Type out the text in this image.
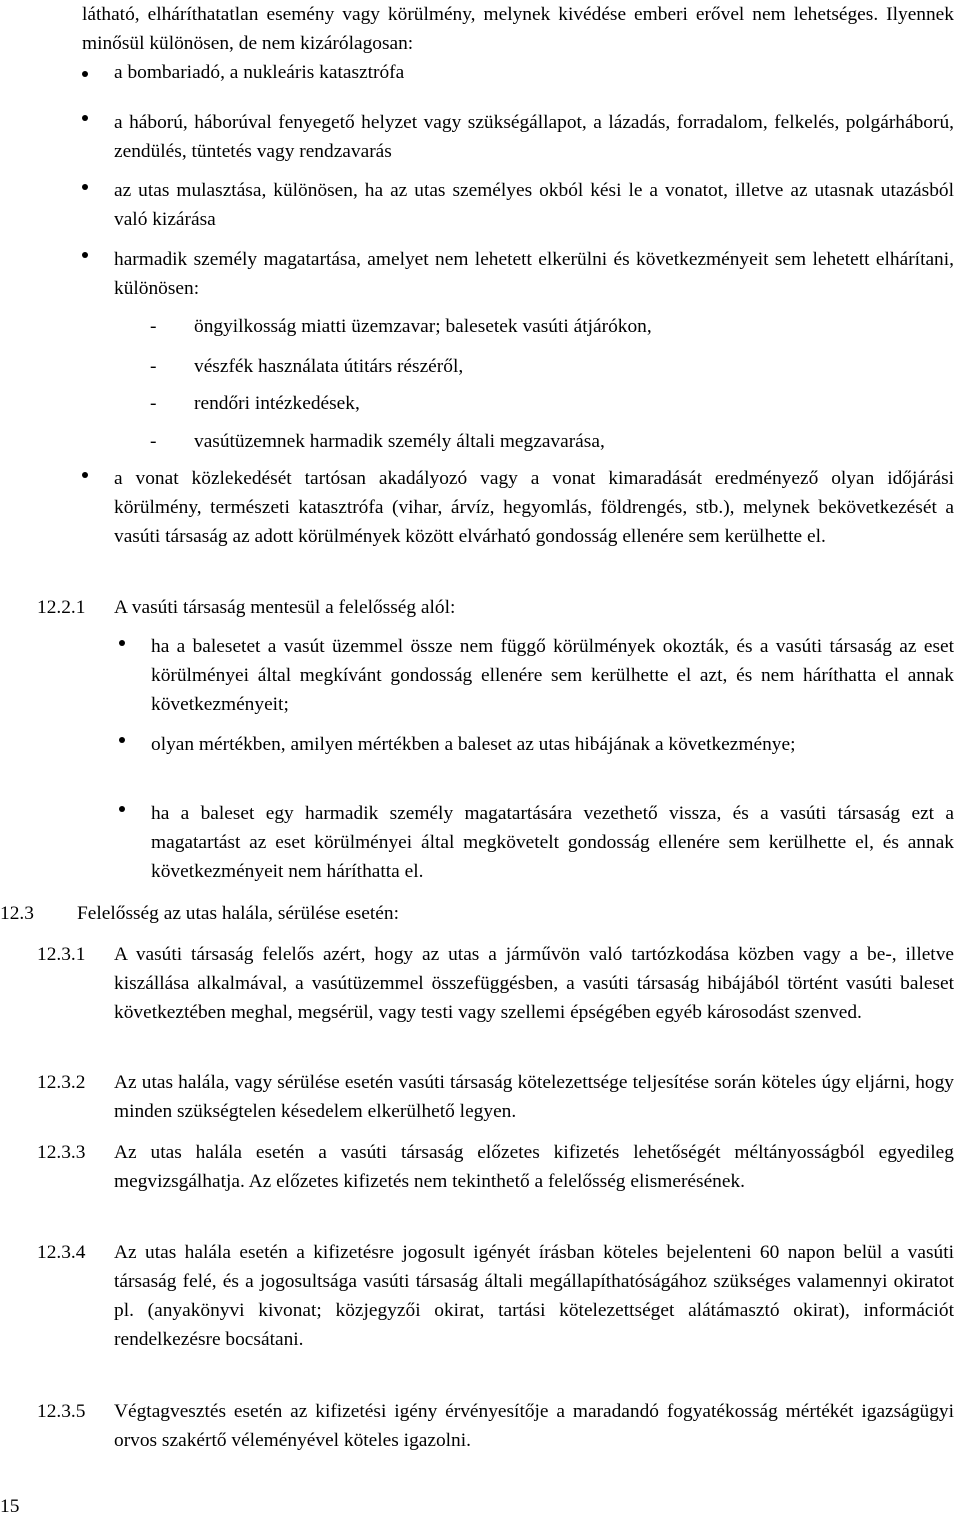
látható, elháríthatatlan esemény vagy körülmény, melynek kivédése emberi erővel nem lehetséges. Ilyennek minősül különösen, de nem kizárólagosan:

a bombariadó, a nukleáris katasztrófa

a háború, háborúval fenyegető helyzet vagy szükségállapot, a lázadás, forradalom, felkelés, polgárháború, zendülés, tüntetés vagy rendzavarás

az utas mulasztása, különösen, ha az utas személyes okból kési le a vonatot, illetve az utasnak utazásból való kizárása

harmadik személy magatartása, amelyet nem lehetett elkerülni és következményeit sem lehetett elhárítani, különösen:

- öngyilkosság miatti üzemzavar; balesetek vasúti átjárókon,

- vészfék használata útitárs részéről,

- rendőri intézkedések,

- vasútüzemnek harmadik személy általi megzavarása,

a vonat közlekedését tartósan akadályozó vagy a vonat kimaradását eredményező olyan időjárási körülmény, természeti katasztrófa (vihar, árvíz, hegyomlás, földrengés, stb.), melynek bekövetkezését a vasúti társaság az adott körülmények között elvárható gondosság ellenére sem kerülhette el.

12.2.1 A vasúti társaság mentesül a felelősség alól:

ha a balesetet a vasút üzemmel össze nem függő körülmények okozták, és a vasúti társaság az eset körülményei által megkívánt gondosság ellenére sem kerülhette el azt, és nem háríthatta el annak következményeit;

olyan mértékben, amilyen mértékben a baleset az utas hibájának a következménye;

ha a baleset egy harmadik személy magatartására vezethető vissza, és a vasúti társaság ezt a magatartást az eset körülményei által megkövetelt gondosság ellenére sem kerülhette el, és annak következményeit nem háríthatta el.

12.3 Felelősség az utas halála, sérülése esetén:

12.3.1 A vasúti társaság felelős azért, hogy az utas a járművön való tartózkodása közben vagy a be-, illetve kiszállása alkalmával, a vasútüzemmel összefüggésben, a vasúti társaság hibájából történt vasúti baleset következtében meghal, megsérül, vagy testi vagy szellemi épségében egyéb károsodást szenved.

12.3.2 Az utas halála, vagy sérülése esetén vasúti társaság kötelezettsége teljesítése során köteles úgy eljárni, hogy minden szükségtelen késedelem elkerülhető legyen.

12.3.3 Az utas halála esetén a vasúti társaság előzetes kifizetés lehetőségét méltányosságból egyedileg megvizsgálhatja. Az előzetes kifizetés nem tekinthető a felelősség elismerésének.

12.3.4 Az utas halála esetén a kifizetésre jogosult igényét írásban köteles bejelenteni 60 napon belül a vasúti társaság felé, és a jogosultsága vasúti társaság általi megállapíthatóságához szükséges valamennyi okiratot pl. (anyakönyvi kivonat; közjegyzői okirat, tartási kötelezettséget alátámasztó okirat), információt rendelkezésre bocsátani.

12.3.5 Végtagvesztés esetén az kifizetési igény érvényesítője a maradandó fogyatékosság mértékét igazságügyi orvos szakértő véleményével köteles igazolni.

15
